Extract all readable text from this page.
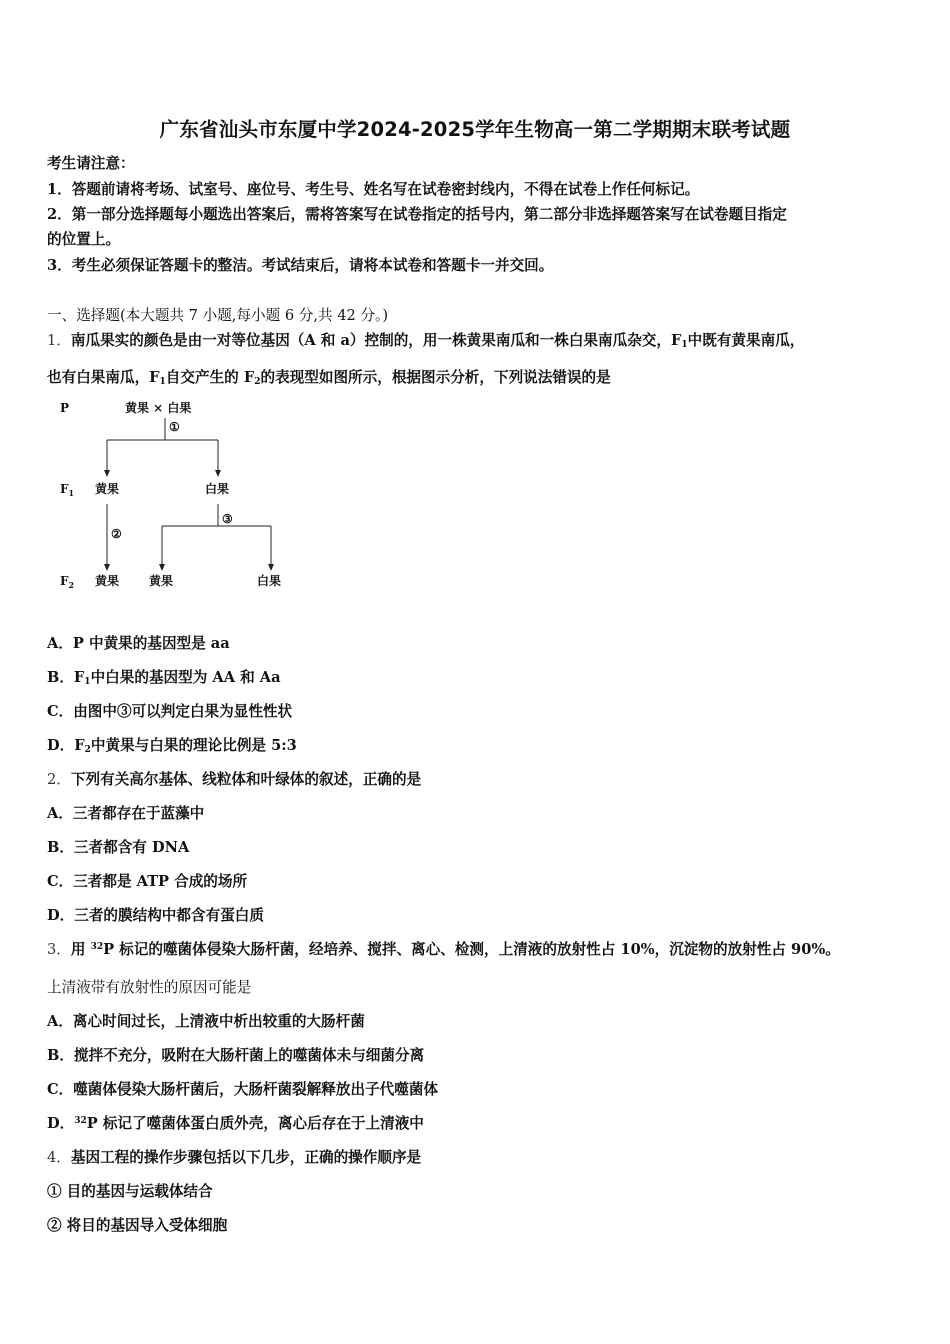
广东省汕头市东厦中学2024-2025学年生物高一第二学期期末联考试题
考生请注意：
1．答题前请将考场、试室号、座位号、考生号、姓名写在试卷密封线内，不得在试卷上作任何标记。
2．第一部分选择题每小题选出答案后，需将答案写在试卷指定的括号内，第二部分非选择题答案写在试卷题目指定
的位置上。
3．考生必须保证答题卡的整洁。考试结束后，请将本试卷和答题卡一并交回。
一、选择题(本大题共 7 小题,每小题 6 分,共 42 分。)
1．南瓜果实的颜色是由一对等位基因（A 和 a）控制的，用一株黄果南瓜和一株白果南瓜杂交，$F_1$中既有黄果南瓜，
也有白果南瓜，$F_1$自交产生的 $F_2$的表现型如图所示，根据图示分析，下列说法错误的是
P	黄果 × 白果
①
$F_1$ 黄果	白果
②
③
$F_2$ 黄果 黄果	白果
A．P 中黄果的基因型是 aa
B．$F_1$中白果的基因型为 AA 和 Aa
C．由图中③可以判定白果为显性性状
D．$F_2$中黄果与白果的理论比例是 5:3
2．下列有关高尔基体、线粒体和叶绿体的叙述，正确的是
A．三者都存在于蓝藻中
B．三者都含有 DNA
C．三者都是 ATP 合成的场所
D．三者的膜结构中都含有蛋白质
3．用 $^{32}$P 标记的噬菌体侵染大肠杆菌，经培养、搅拌、离心、检测，上清液的放射性占 10%，沉淀物的放射性占 90%。
上清液带有放射性的原因可能是
A．离心时间过长，上清液中析出较重的大肠杆菌
B．搅拌不充分，吸附在大肠杆菌上的噬菌体未与细菌分离
C．噬菌体侵染大肠杆菌后，大肠杆菌裂解释放出子代噬菌体
D．$^{32}$P 标记了噬菌体蛋白质外壳，离心后存在于上清液中
4．基因工程的操作步骤包括以下几步，正确的操作顺序是
① 目的基因与运载体结合
② 将目的基因导入受体细胞
